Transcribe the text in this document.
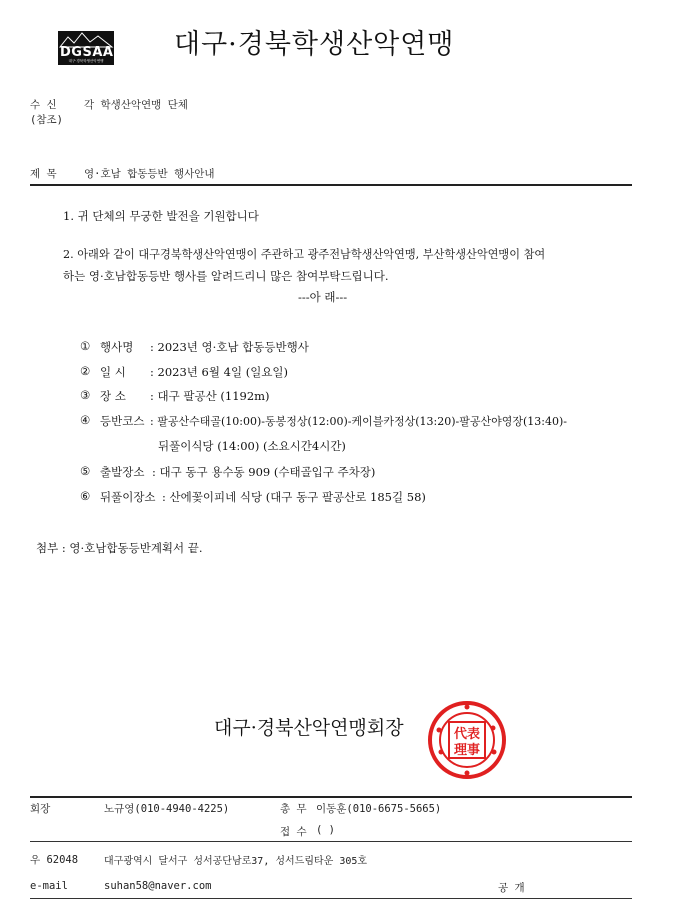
DGSAA
대구·경북학생산악연맹
대구·경북학생산악연맹
수 신	각 학생산악연맹 단체
(참조)
제 목	영·호남 합동등반 행사안내
1. 귀 단체의 무궁한 발전을 기원합니다
2. 아래와 같이 대구경북학생산악연맹이 주관하고 광주전남학생산악연맹, 부산학생산악연맹이 참여
하는 영·호남합동등반 행사를 알려드리니 많은 참여부탁드립니다.
---아 래---
① 행사명 : 2023년 영·호남 합동등반행사
② 일 시 : 2023년 6월 4일 (일요일)
③ 장 소 : 대구 팔공산 (1192m)
④ 등반코스 : 팔공산수태골(10:00)-동봉정상(12:00)-케이블카정상(13:20)-팔공산야영장(13:40)-
뒤풀이식당 (14:00) (소요시간4시간)
⑤ 출발장소 : 대구 동구 용수동 909 (수태골입구 주차장)
⑥ 뒤풀이장소 : 산에꽃이피네 식당 (대구 동구 팔공산로 185길 58)
첨부 : 영·호남합동등반계획서 끝.
대구·경북산악연맹회장	代表
理事
회장	노규영(010-4940-4225)	총 무 이동훈(010-6675-5665)
접 수 ( )
우 62048	대구광역시 달서구 성서공단남로37, 성서드림타운 305호
e-mail	suhan58@naver.com	공 개
